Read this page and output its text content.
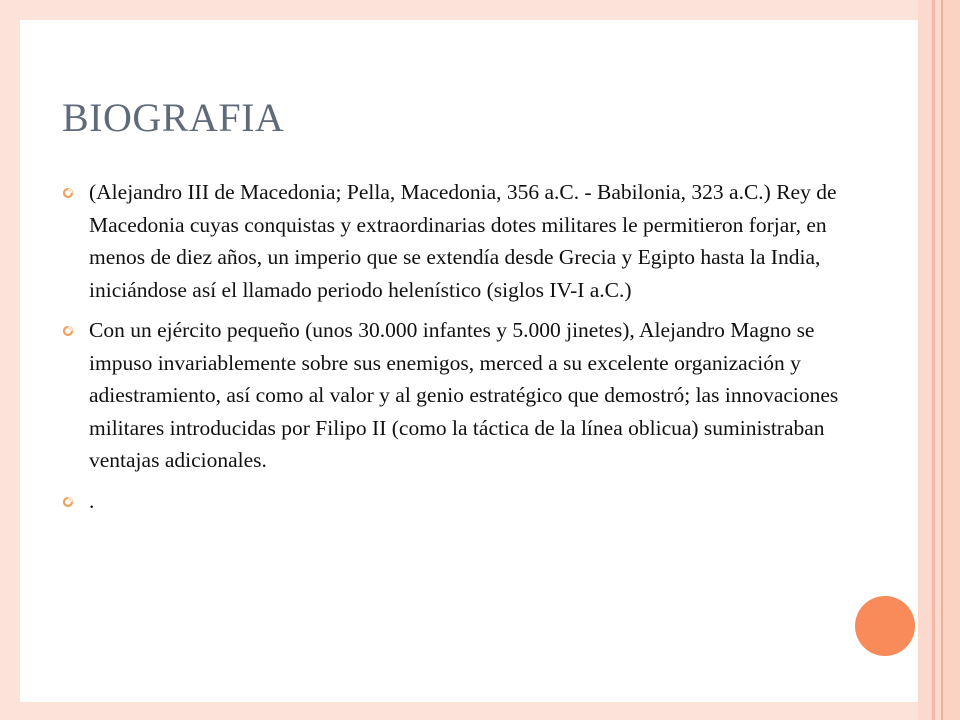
BIOGRAFIA
(Alejandro III de Macedonia; Pella, Macedonia, 356 a.C. - Babilonia, 323 a.C.) Rey de Macedonia cuyas conquistas y extraordinarias dotes militares le permitieron forjar, en menos de diez años, un imperio que se extendía desde Grecia y Egipto hasta la India, iniciándose así el llamado periodo helenístico (siglos IV-I a.C.)
Con un ejército pequeño (unos 30.000 infantes y 5.000 jinetes), Alejandro Magno se impuso invariablemente sobre sus enemigos, merced a su excelente organización y adiestramiento, así como al valor y al genio estratégico que demostró; las innovaciones militares introducidas por Filipo II (como la táctica de la línea oblicua) suministraban ventajas adicionales.
.
